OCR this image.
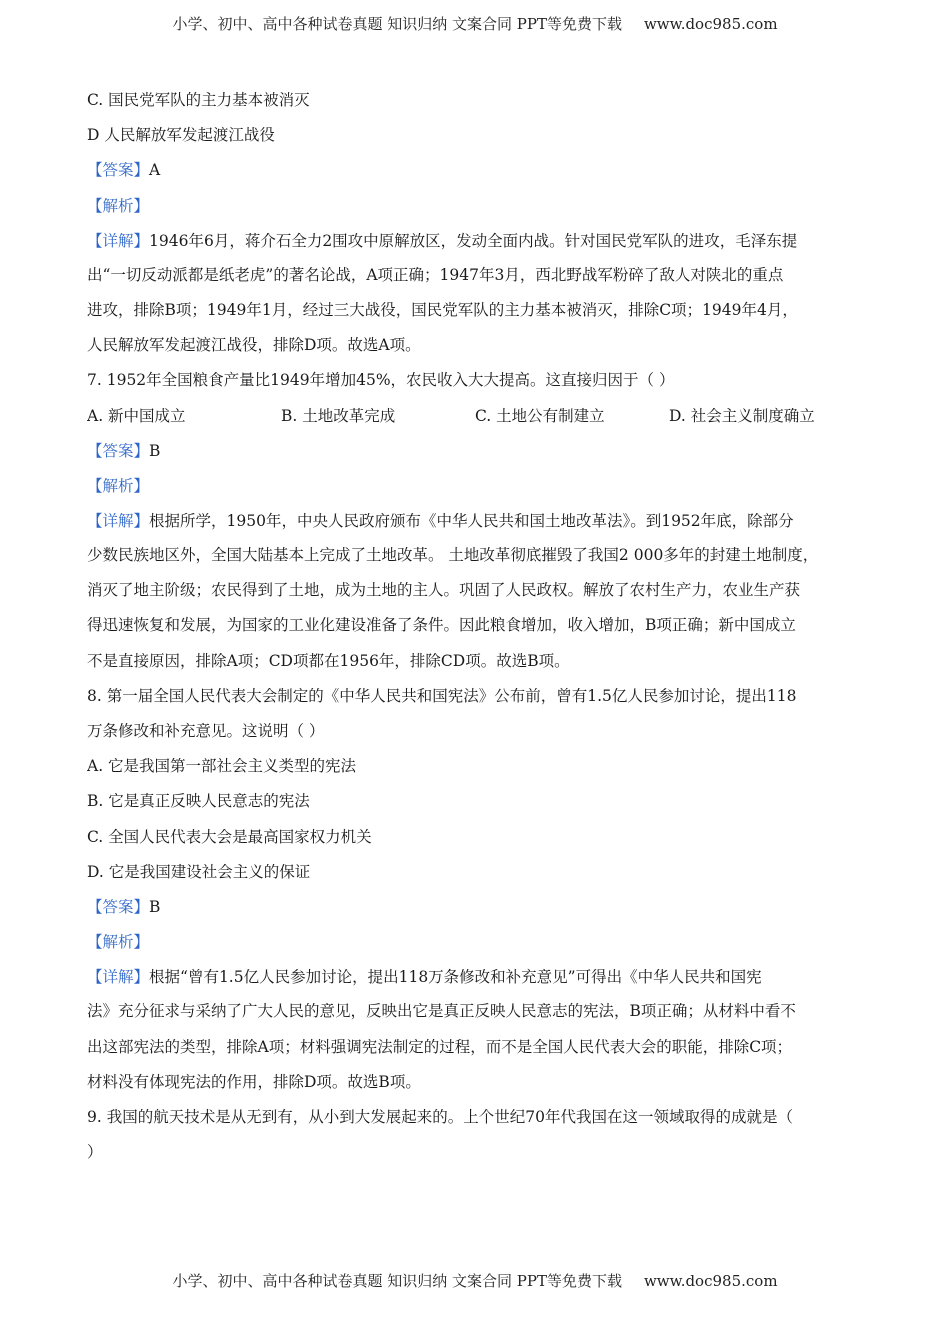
小学、初中、高中各种试卷真题 知识归纳 文案合同 PPT等免费下载 www.doc985.com
C. 国民党军队的主力基本被消灭
D 人民解放军发起渡江战役
【答案】A
【解析】
【详解】1946年6月，蒋介石全力2围攻中原解放区，发动全面内战。针对国民党军队的进攻，毛泽东提
出“一切反动派都是纸老虎”的著名论战，A项正确；1947年3月，西北野战军粉碎了敌人对陕北的重点
进攻，排除B项；1949年1月，经过三大战役，国民党军队的主力基本被消灭，排除C项；1949年4月，
人民解放军发起渡江战役，排除D项。故选A项。
7. 1952年全国粮食产量比1949年增加45%，农民收入大大提高。这直接归因于（ ）
A. 新中国成立	B. 土地改革完成	C. 土地公有制建立	D. 社会主义制度确立
【答案】B
【解析】
【详解】根据所学，1950年，中央人民政府颁布《中华人民共和国土地改革法》。到1952年底，除部分
少数民族地区外，全国大陆基本上完成了土地改革。 土地改革彻底摧毁了我国2 000多年的封建土地制度，
消灭了地主阶级；农民得到了土地，成为土地的主人。巩固了人民政权。解放了农村生产力，农业生产获
得迅速恢复和发展，为国家的工业化建设准备了条件。因此粮食增加，收入增加，B项正确；新中国成立
不是直接原因，排除A项；CD项都在1956年，排除CD项。故选B项。
8. 第一届全国人民代表大会制定的《中华人民共和国宪法》公布前，曾有1.5亿人民参加讨论，提出118
万条修改和补充意见。这说明（ ）
A. 它是我国第一部社会主义类型的宪法
B. 它是真正反映人民意志的宪法
C. 全国人民代表大会是最高国家权力机关
D. 它是我国建设社会主义的保证
【答案】B
【解析】
【详解】根据“曾有1.5亿人民参加讨论，提出118万条修改和补充意见”可得出《中华人民共和国宪
法》充分征求与采纳了广大人民的意见，反映出它是真正反映人民意志的宪法，B项正确；从材料中看不
出这部宪法的类型，排除A项；材料强调宪法制定的过程，而不是全国人民代表大会的职能，排除C项；
材料没有体现宪法的作用，排除D项。故选B项。
9. 我国的航天技术是从无到有，从小到大发展起来的。上个世纪70年代我国在这一领域取得的成就是（
）
小学、初中、高中各种试卷真题 知识归纳 文案合同 PPT等免费下载 www.doc985.com
